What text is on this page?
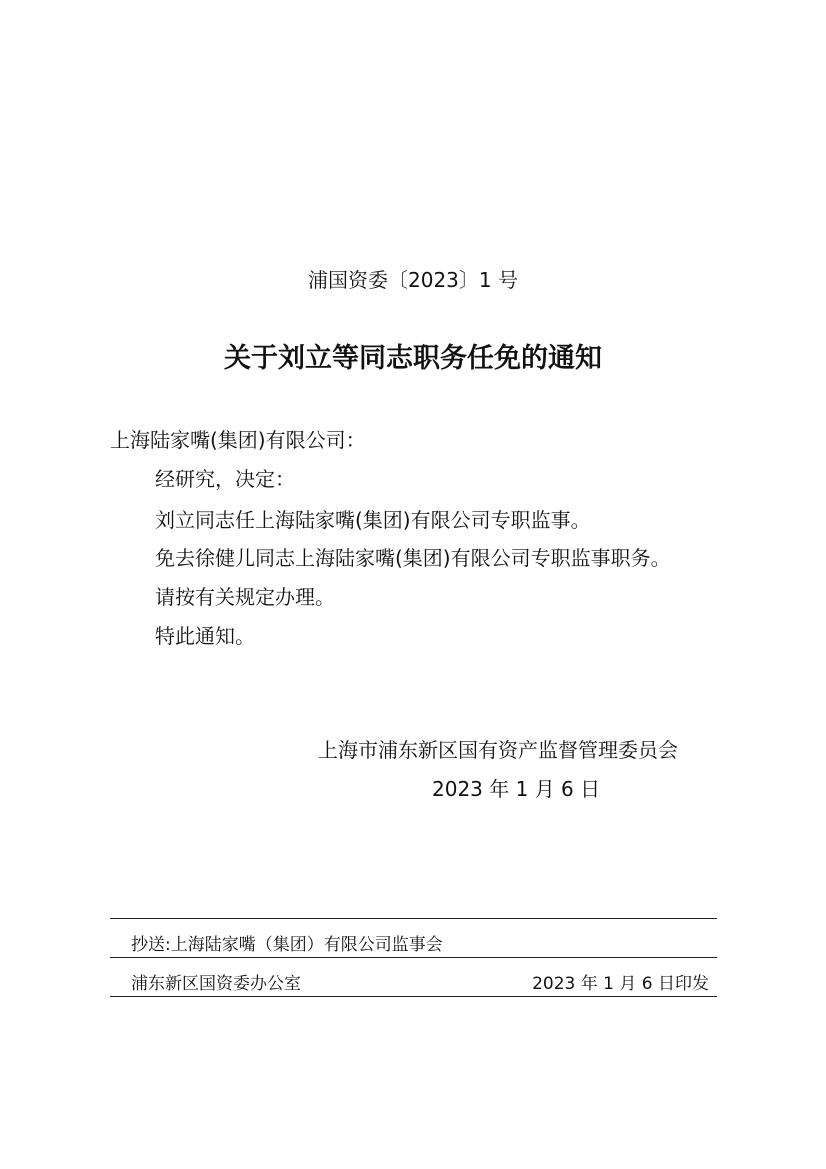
浦国资委〔2023〕1 号
关于刘立等同志职务任免的通知
上海陆家嘴(集团)有限公司：
经研究，决定：
刘立同志任上海陆家嘴(集团)有限公司专职监事。
免去徐健儿同志上海陆家嘴(集团)有限公司专职监事职务。
请按有关规定办理。
特此通知。
上海市浦东新区国有资产监督管理委员会
2023 年 1 月 6 日
抄送:上海陆家嘴（集团）有限公司监事会
浦东新区国资委办公室	2023 年 1 月 6 日印发
